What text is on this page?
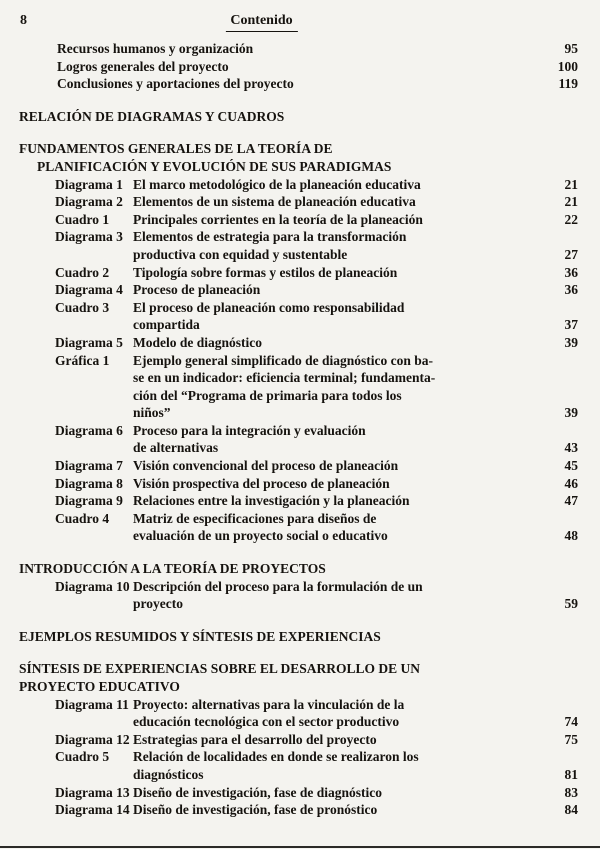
8	Contenido
Recursos humanos y organización	95
Logros generales del proyecto	100
Conclusiones y aportaciones del proyecto	119
RELACIÓN DE DIAGRAMAS Y CUADROS
FUNDAMENTOS GENERALES DE LA TEORÍA DE
PLANIFICACIÓN Y EVOLUCIÓN DE SUS PARADIGMAS
Diagrama 1 El marco metodológico de la planeación educativa	21
Diagrama 2 Elementos de un sistema de planeación educativa	21
Cuadro 1	Principales corrientes en la teoría de la planeación	22
Diagrama 3 Elementos de estrategia para la transformación
productiva con equidad y sustentable	27
Cuadro 2	Tipología sobre formas y estilos de planeación	36
Diagrama 4 Proceso de planeación	36
Cuadro 3	El proceso de planeación como responsabilidad
compartida	37
Diagrama 5 Modelo de diagnóstico	39
Gráfica 1	Ejemplo general simplificado de diagnóstico con ba-
se en un indicador: eficiencia terminal; fundamenta-
ción del “Programa de primaria para todos los
niños”	39
Diagrama 6 Proceso para la integración y evaluación
de alternativas	43
Diagrama 7 Visión convencional del proceso de planeación	45
Diagrama 8 Visión prospectiva del proceso de planeación	46
Diagrama 9 Relaciones entre la investigación y la planeación	47
Cuadro 4	Matriz de especificaciones para diseños de
evaluación de un proyecto social o educativo	48
INTRODUCCIÓN A LA TEORÍA DE PROYECTOS
Diagrama 10 Descripción del proceso para la formulación de un
proyecto	59
EJEMPLOS RESUMIDOS Y SÍNTESIS DE EXPERIENCIAS
SÍNTESIS DE EXPERIENCIAS SOBRE EL DESARROLLO DE UN
PROYECTO EDUCATIVO
Diagrama 11 Proyecto: alternativas para la vinculación de la
educación tecnológica con el sector productivo	74
Diagrama 12 Estrategias para el desarrollo del proyecto	75
Cuadro 5	Relación de localidades en donde se realizaron los
diagnósticos	81
Diagrama 13 Diseño de investigación, fase de diagnóstico	83
Diagrama 14 Diseño de investigación, fase de pronóstico	84
